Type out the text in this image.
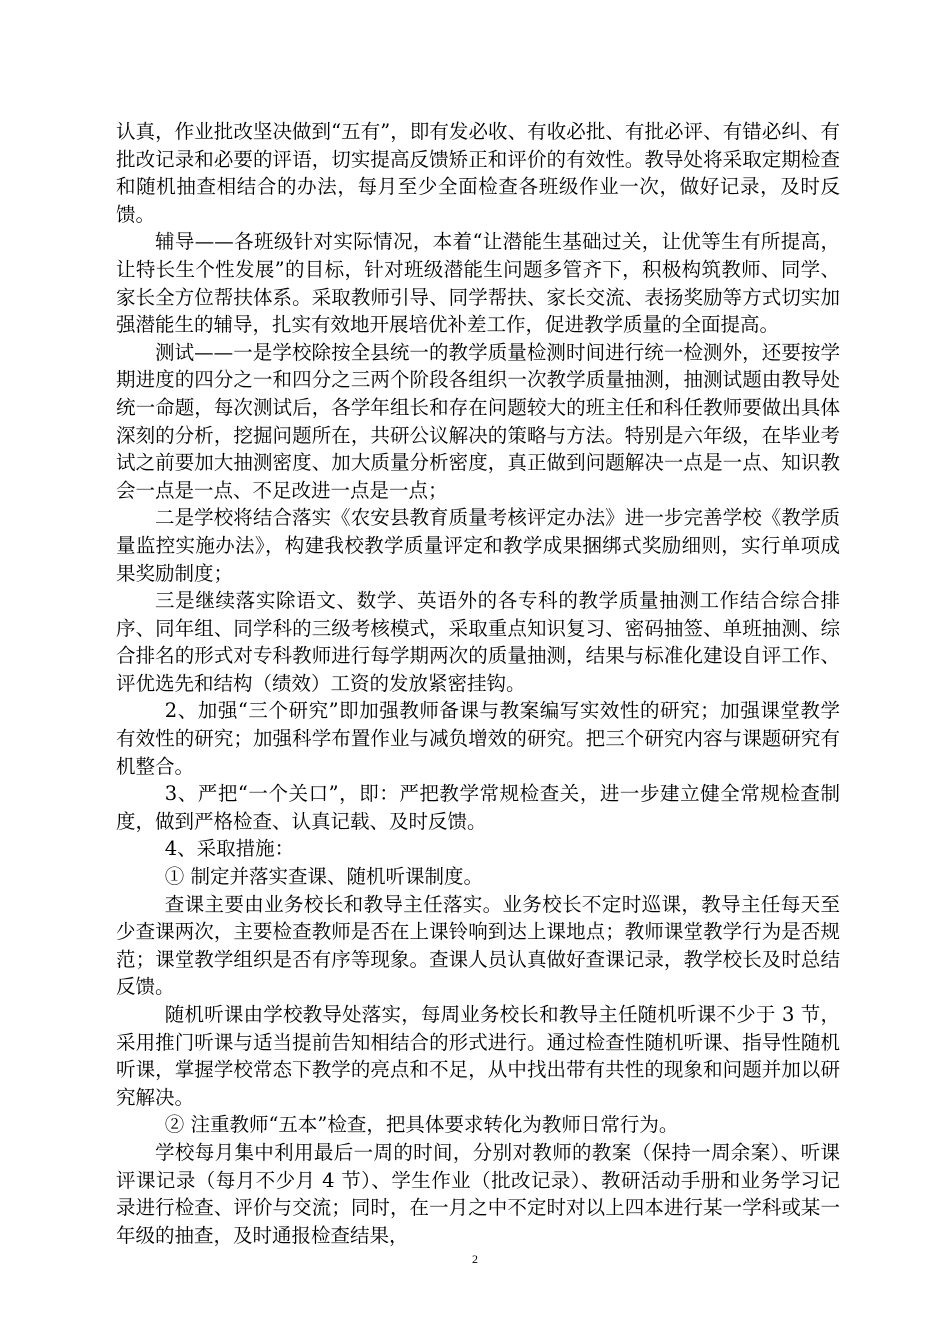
认真，作业批改坚决做到“五有”，即有发必收、有收必批、有批必评、有错必纠、有批改记录和必要的评语，切实提高反馈矫正和评价的有效性。教导处将采取定期检查和随机抽查相结合的办法，每月至少全面检查各班级作业一次，做好记录，及时反馈。

辅导——各班级针对实际情况，本着“让潜能生基础过关，让优等生有所提高，让特长生个性发展”的目标，针对班级潜能生问题多管齐下，积极构筑教师、同学、家长全方位帮扶体系。采取教师引导、同学帮扶、家长交流、表扬奖励等方式切实加强潜能生的辅导，扎实有效地开展培优补差工作，促进教学质量的全面提高。

测试——一是学校除按全县统一的教学质量检测时间进行统一检测外，还要按学期进度的四分之一和四分之三两个阶段各组织一次教学质量抽测，抽测试题由教导处统一命题，每次测试后，各学年组长和存在问题较大的班主任和科任教师要做出具体深刻的分析，挖掘问题所在，共研公议解决的策略与方法。特别是六年级，在毕业考试之前要加大抽测密度、加大质量分析密度，真正做到问题解决一点是一点、知识教会一点是一点、不足改进一点是一点；

二是学校将结合落实《农安县教育质量考核评定办法》进一步完善学校《教学质量监控实施办法》，构建我校教学质量评定和教学成果捆绑式奖励细则，实行单项成果奖励制度；

三是继续落实除语文、数学、英语外的各专科的教学质量抽测工作结合综合排序、同年组、同学科的三级考核模式，采取重点知识复习、密码抽签、单班抽测、综合排名的形式对专科教师进行每学期两次的质量抽测，结果与标准化建设自评工作、评优选先和结构（绩效）工资的发放紧密挂钩。

2、加强“三个研究”即加强教师备课与教案编写实效性的研究；加强课堂教学有效性的研究；加强科学布置作业与减负增效的研究。把三个研究内容与课题研究有机整合。

3、严把“一个关口”，即：严把教学常规检查关，进一步建立健全常规检查制度，做到严格检查、认真记载、及时反馈。

4、采取措施：

① 制定并落实查课、随机听课制度。

查课主要由业务校长和教导主任落实。业务校长不定时巡课，教导主任每天至少查课两次，主要检查教师是否在上课铃响到达上课地点；教师课堂教学行为是否规范；课堂教学组织是否有序等现象。查课人员认真做好查课记录，教学校长及时总结反馈。

随机听课由学校教导处落实，每周业务校长和教导主任随机听课不少于 3 节，采用推门听课与适当提前告知相结合的形式进行。通过检查性随机听课、指导性随机听课，掌握学校常态下教学的亮点和不足，从中找出带有共性的现象和问题并加以研究解决。

② 注重教师“五本”检查，把具体要求转化为教师日常行为。

学校每月集中利用最后一周的时间，分别对教师的教案（保持一周余案）、听课评课记录（每月不少月 4 节）、学生作业（批改记录）、教研活动手册和业务学习记录进行检查、评价与交流；同时，在一月之中不定时对以上四本进行某一学科或某一年级的抽查，及时通报检查结果，

2
